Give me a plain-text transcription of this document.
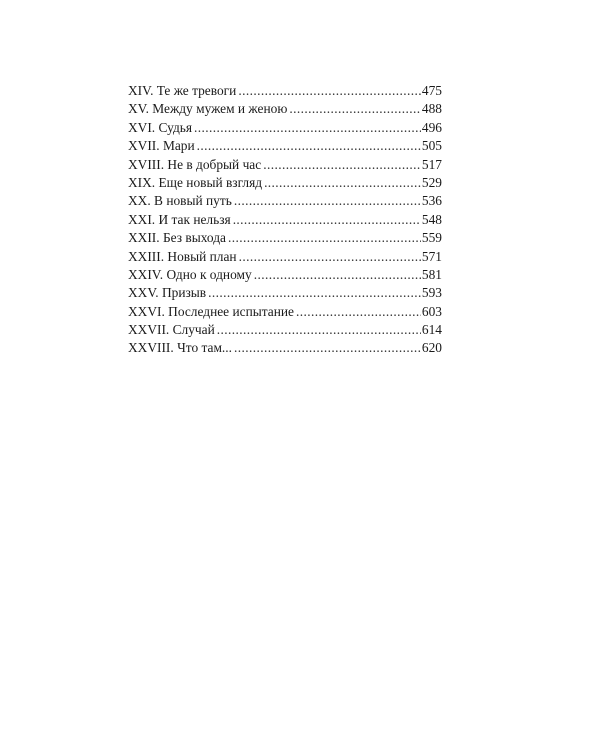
XIV. Те же тревоги .....	475
XV. Между мужем и женою .....	488
XVI. Судья .....	496
XVII. Мари .....	505
XVIII. Не в добрый час .....	517
XIX. Еще новый взгляд .....	529
XX. В новый путь .....	536
XXI. И так нельзя .....	548
XXII. Без выхода .....	559
XXIII. Новый план .....	571
XXIV. Одно к одному .....	581
XXV. Призыв .....	593
XXVI. Последнее испытание .....	603
XXVII. Случай .....	614
XXVIII. Что там... .....	620
